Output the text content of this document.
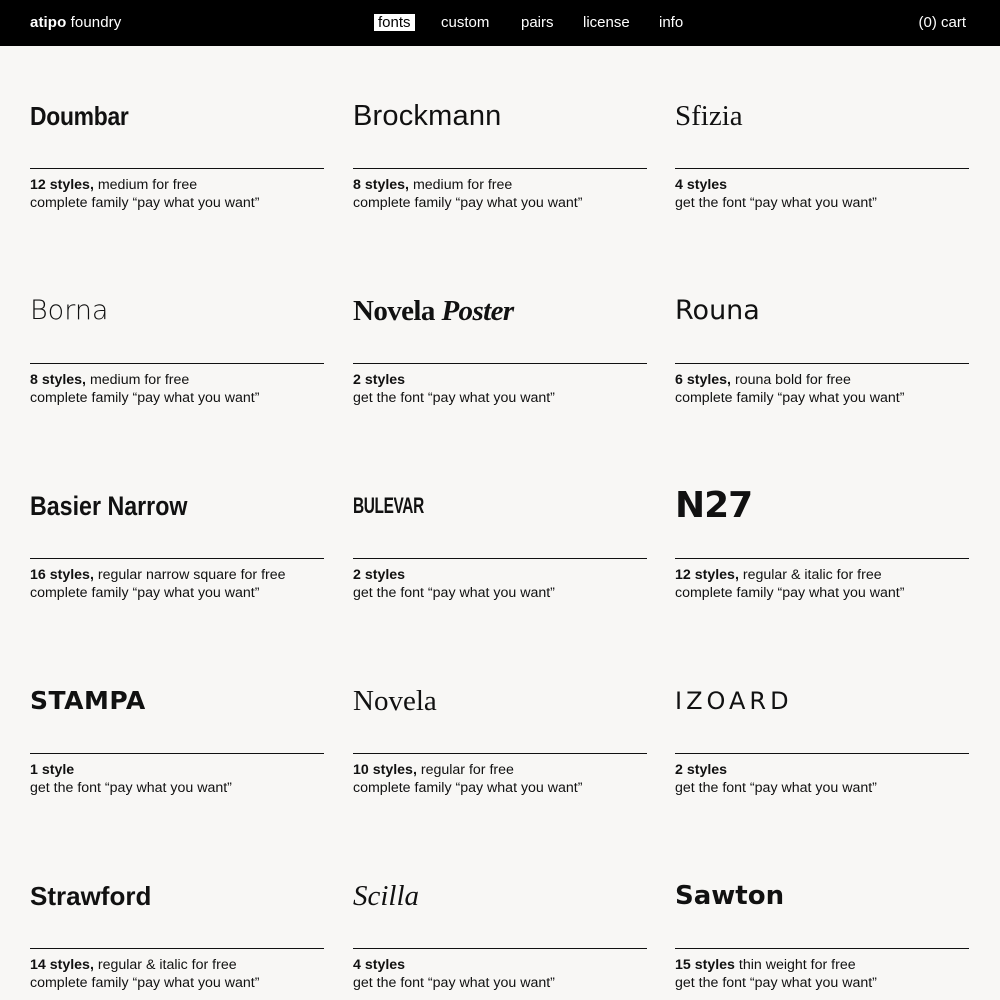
atipo foundry	fonts custom pairs license info	(0) cart
Doumbar
12 styles, medium for free
complete family “pay what you want”
Brockmann
8 styles, medium for free
complete family “pay what you want”
Sfizia
4 styles
get the font “pay what you want”
Borna
8 styles, medium for free
complete family “pay what you want”
Novela Poster
2 styles
get the font “pay what you want”
Rouna
6 styles, rouna bold for free
complete family “pay what you want”
Basier Narrow
16 styles, regular narrow square for free
complete family “pay what you want”
BULEVAR
2 styles
get the font “pay what you want”
N27
12 styles, regular & italic for free
complete family “pay what you want”
STAMPA
1 style
get the font “pay what you want”
Novela
10 styles, regular for free
complete family “pay what you want”
IZOARD
2 styles
get the font “pay what you want”
Strawford
14 styles, regular & italic for free
complete family “pay what you want”
Scilla
4 styles
get the font “pay what you want”
Sawton
15 styles thin weight for free
get the font “pay what you want”
